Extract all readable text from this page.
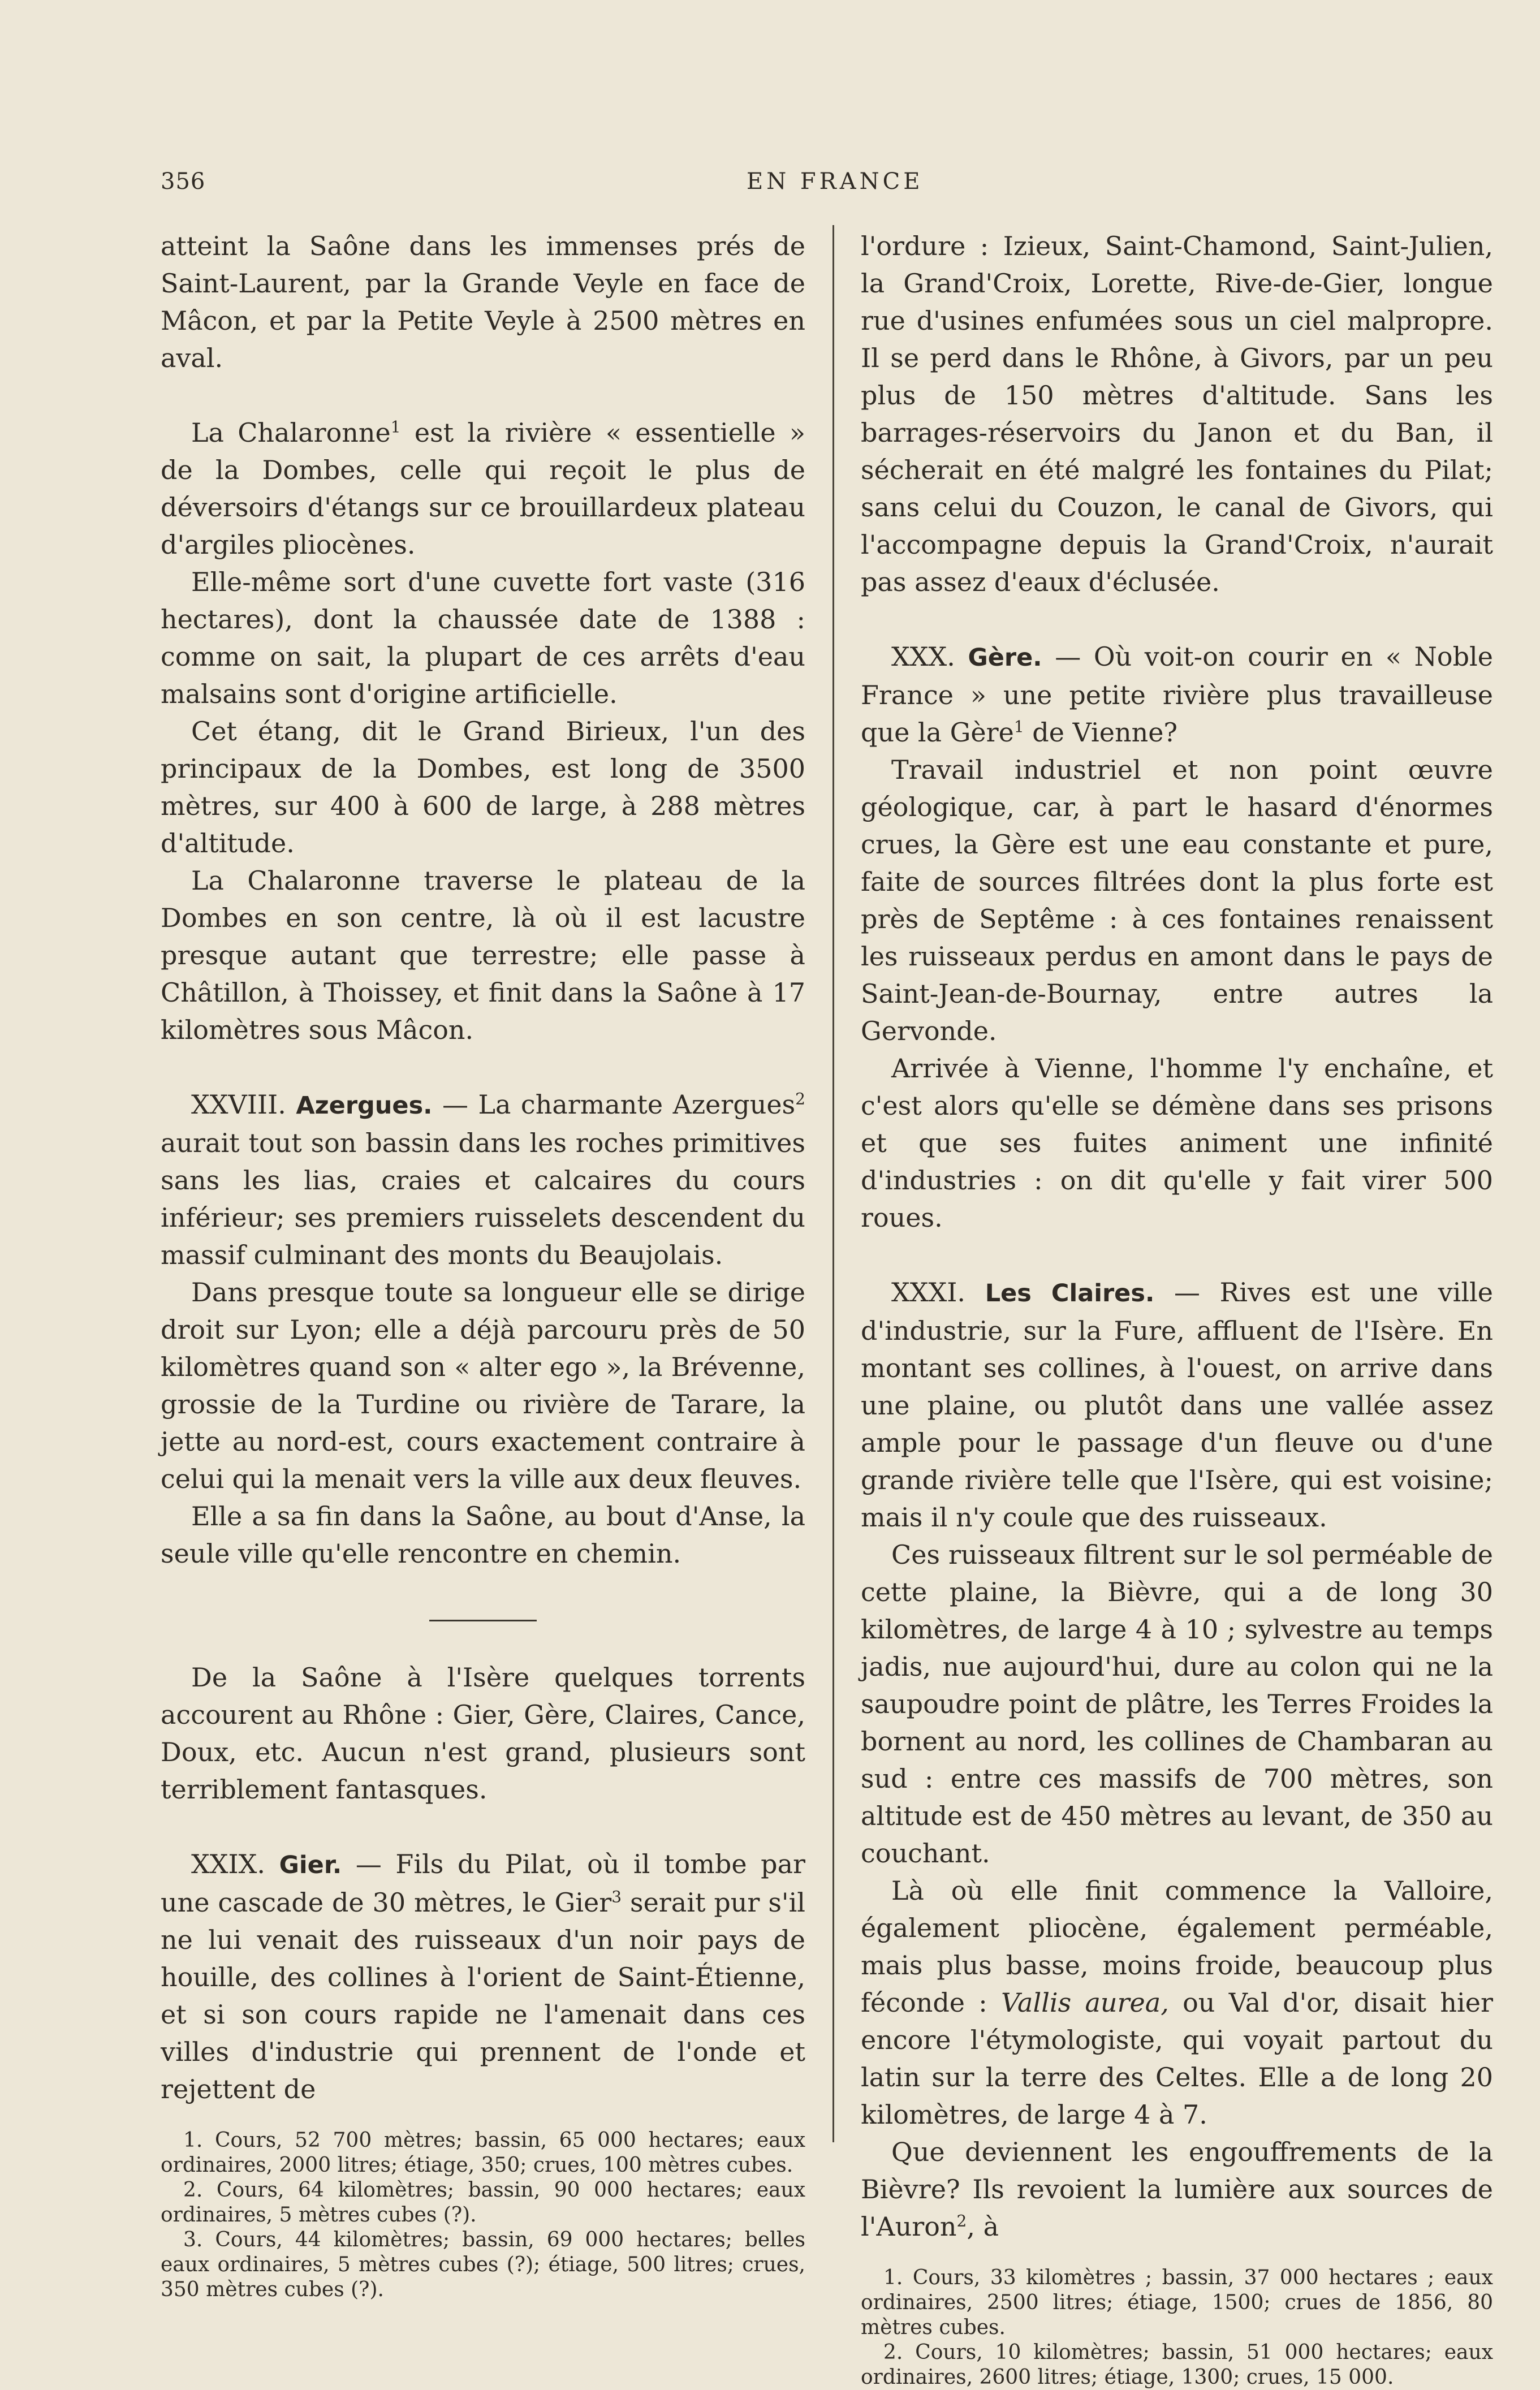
356	EN FRANCE

atteint la Saône dans les immenses prés de Saint-Laurent, par la Grande Veyle en face de Mâcon, et par la Petite Veyle à 2500 mètres en aval.

La Chalaronne$^1$ est la rivière « essentielle » de la Dombes, celle qui reçoit le plus de déversoirs d'étangs sur ce brouillardeux plateau d'argiles pliocènes.

Elle-même sort d'une cuvette fort vaste (316 hectares), dont la chaussée date de 1388 : comme on sait, la plupart de ces arrêts d'eau malsains sont d'origine artificielle.

Cet étang, dit le Grand Birieux, l'un des principaux de la Dombes, est long de 3500 mètres, sur 400 à 600 de large, à 288 mètres d'altitude.

La Chalaronne traverse le plateau de la Dombes en son centre, là où il est lacustre presque autant que terrestre; elle passe à Châtillon, à Thoissey, et finit dans la Saône à 17 kilomètres sous Mâcon.

XXVIII. Azergues. — La charmante Azergues$^2$ aurait tout son bassin dans les roches primitives sans les lias, craies et calcaires du cours inférieur; ses premiers ruisselets descendent du massif culminant des monts du Beaujolais.

Dans presque toute sa longueur elle se dirige droit sur Lyon; elle a déjà parcouru près de 50 kilomètres quand son « alter ego », la Brévenne, grossie de la Turdine ou rivière de Tarare, la jette au nord-est, cours exactement contraire à celui qui la menait vers la ville aux deux fleuves.

Elle a sa fin dans la Saône, au bout d'Anse, la seule ville qu'elle rencontre en chemin.

De la Saône à l'Isère quelques torrents accourent au Rhône : Gier, Gère, Claires, Cance, Doux, etc. Aucun n'est grand, plusieurs sont terriblement fantasques.

XXIX. Gier. — Fils du Pilat, où il tombe par une cascade de 30 mètres, le Gier$^3$ serait pur s'il ne lui venait des ruisseaux d'un noir pays de houille, des collines à l'orient de Saint-Étienne, et si son cours rapide ne l'amenait dans ces villes d'industrie qui prennent de l'onde et rejettent de

1. Cours, 52 700 mètres; bassin, 65 000 hectares; eaux ordinaires, 2000 litres; étiage, 350; crues, 100 mètres cubes.

2. Cours, 64 kilomètres; bassin, 90 000 hectares; eaux ordinaires, 5 mètres cubes (?).

3. Cours, 44 kilomètres; bassin, 69 000 hectares; belles eaux ordinaires, 5 mètres cubes (?); étiage, 500 litres; crues, 350 mètres cubes (?).

l'ordure : Izieux, Saint-Chamond, Saint-Julien, la Grand'Croix, Lorette, Rive-de-Gier, longue rue d'usines enfumées sous un ciel malpropre. Il se perd dans le Rhône, à Givors, par un peu plus de 150 mètres d'altitude. Sans les barrages-réservoirs du Janon et du Ban, il sécherait en été malgré les fontaines du Pilat; sans celui du Couzon, le canal de Givors, qui l'accompagne depuis la Grand'Croix, n'aurait pas assez d'eaux d'éclusée.

XXX. Gère. — Où voit-on courir en « Noble France » une petite rivière plus travailleuse que la Gère$^1$ de Vienne?

Travail industriel et non point œuvre géologique, car, à part le hasard d'énormes crues, la Gère est une eau constante et pure, faite de sources filtrées dont la plus forte est près de Septême : à ces fontaines renaissent les ruisseaux perdus en amont dans le pays de Saint-Jean-de-Bournay, entre autres la Gervonde.

Arrivée à Vienne, l'homme l'y enchaîne, et c'est alors qu'elle se démène dans ses prisons et que ses fuites animent une infinité d'industries : on dit qu'elle y fait virer 500 roues.

XXXI. Les Claires. — Rives est une ville d'industrie, sur la Fure, affluent de l'Isère. En montant ses collines, à l'ouest, on arrive dans une plaine, ou plutôt dans une vallée assez ample pour le passage d'un fleuve ou d'une grande rivière telle que l'Isère, qui est voisine; mais il n'y coule que des ruisseaux.

Ces ruisseaux filtrent sur le sol perméable de cette plaine, la Bièvre, qui a de long 30 kilomètres, de large 4 à 10 ; sylvestre au temps jadis, nue aujourd'hui, dure au colon qui ne la saupoudre point de plâtre, les Terres Froides la bornent au nord, les collines de Chambaran au sud : entre ces massifs de 700 mètres, son altitude est de 450 mètres au levant, de 350 au couchant.

Là où elle finit commence la Valloire, également pliocène, également perméable, mais plus basse, moins froide, beaucoup plus féconde : Vallis aurea, ou Val d'or, disait hier encore l'étymologiste, qui voyait partout du latin sur la terre des Celtes. Elle a de long 20 kilomètres, de large 4 à 7.

Que deviennent les engouffrements de la Bièvre? Ils revoient la lumière aux sources de l'Auron$^2$, à

1. Cours, 33 kilomètres ; bassin, 37 000 hectares ; eaux ordinaires, 2500 litres; étiage, 1500; crues de 1856, 80 mètres cubes.

2. Cours, 10 kilomètres; bassin, 51 000 hectares; eaux ordinaires, 2600 litres; étiage, 1300; crues, 15 000.
